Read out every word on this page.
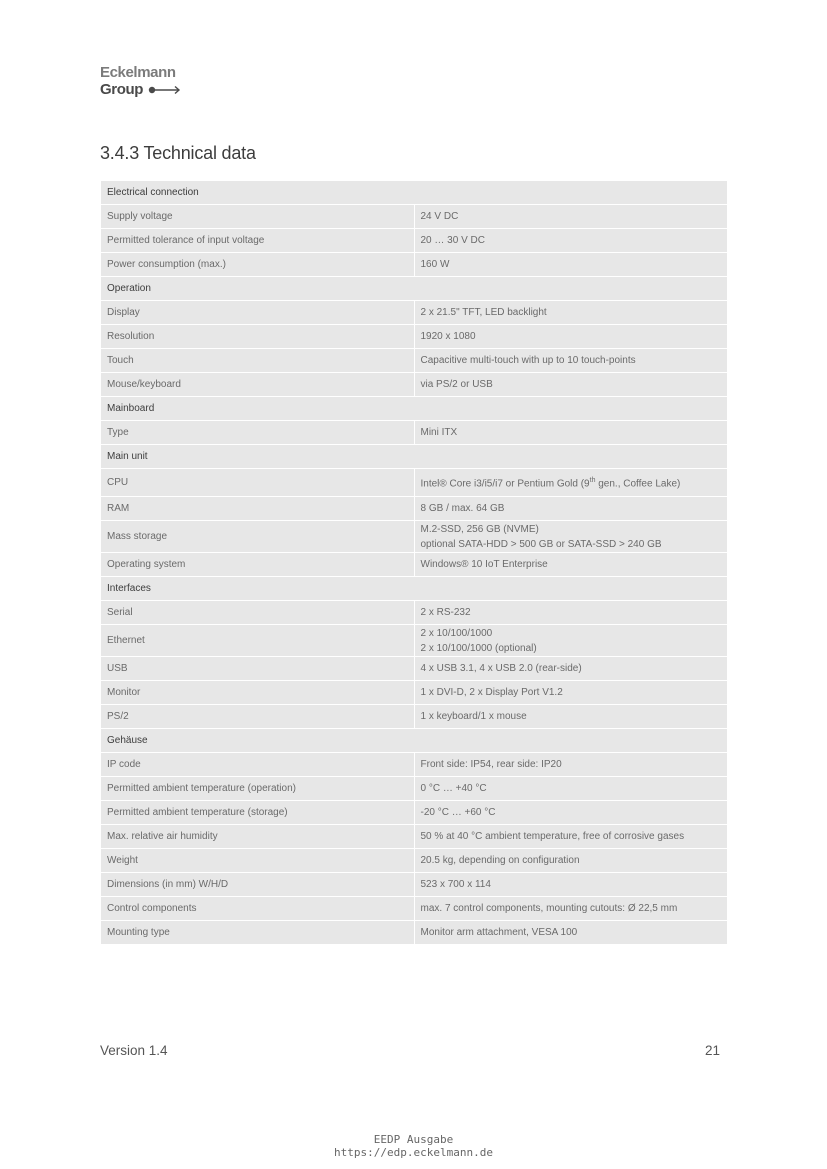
Eckelmann
Group
3.4.3 Technical data
Electrical connection	
Supply voltage	24 V DC
Permitted tolerance of input voltage	20 … 30 V DC
Power consumption (max.)	160 W
Operation	
Display	2 x 21.5" TFT, LED backlight
Resolution	1920 x 1080
Touch	Capacitive multi-touch with up to 10 touch-points
Mouse/keyboard	via PS/2 or USB
Mainboard	
Type	Mini ITX
Main unit	
CPU	Intel® Core i3/i5/i7 or Pentium Gold (9th gen., Coffee Lake)
RAM	8 GB / max. 64 GB
Mass storage	M.2-SSD, 256 GB (NVME)
optional SATA-HDD > 500 GB or SATA-SSD > 240 GB
Operating system	Windows® 10 IoT Enterprise
Interfaces	
Serial	2 x RS-232
Ethernet	2 x 10/100/1000
2 x 10/100/1000 (optional)
USB	4 x USB 3.1, 4 x USB 2.0 (rear-side)
Monitor	1 x DVI-D, 2 x Display Port V1.2
PS/2	1 x keyboard/1 x mouse
Gehäuse	
IP code	Front side: IP54, rear side: IP20
Permitted ambient temperature (operation)	0 °C … +40 °C
Permitted ambient temperature (storage)	-20 °C … +60 °C
Max. relative air humidity	50 % at 40 °C ambient temperature, free of corrosive gases
Weight	20.5 kg, depending on configuration
Dimensions (in mm) W/H/D	523 x 700 x 114
Control components	max. 7 control components, mounting cutouts: Ø 22,5 mm
Mounting type	Monitor arm attachment, VESA 100
Version 1.4	21
EEDP Ausgabe
https://edp.eckelmann.de
